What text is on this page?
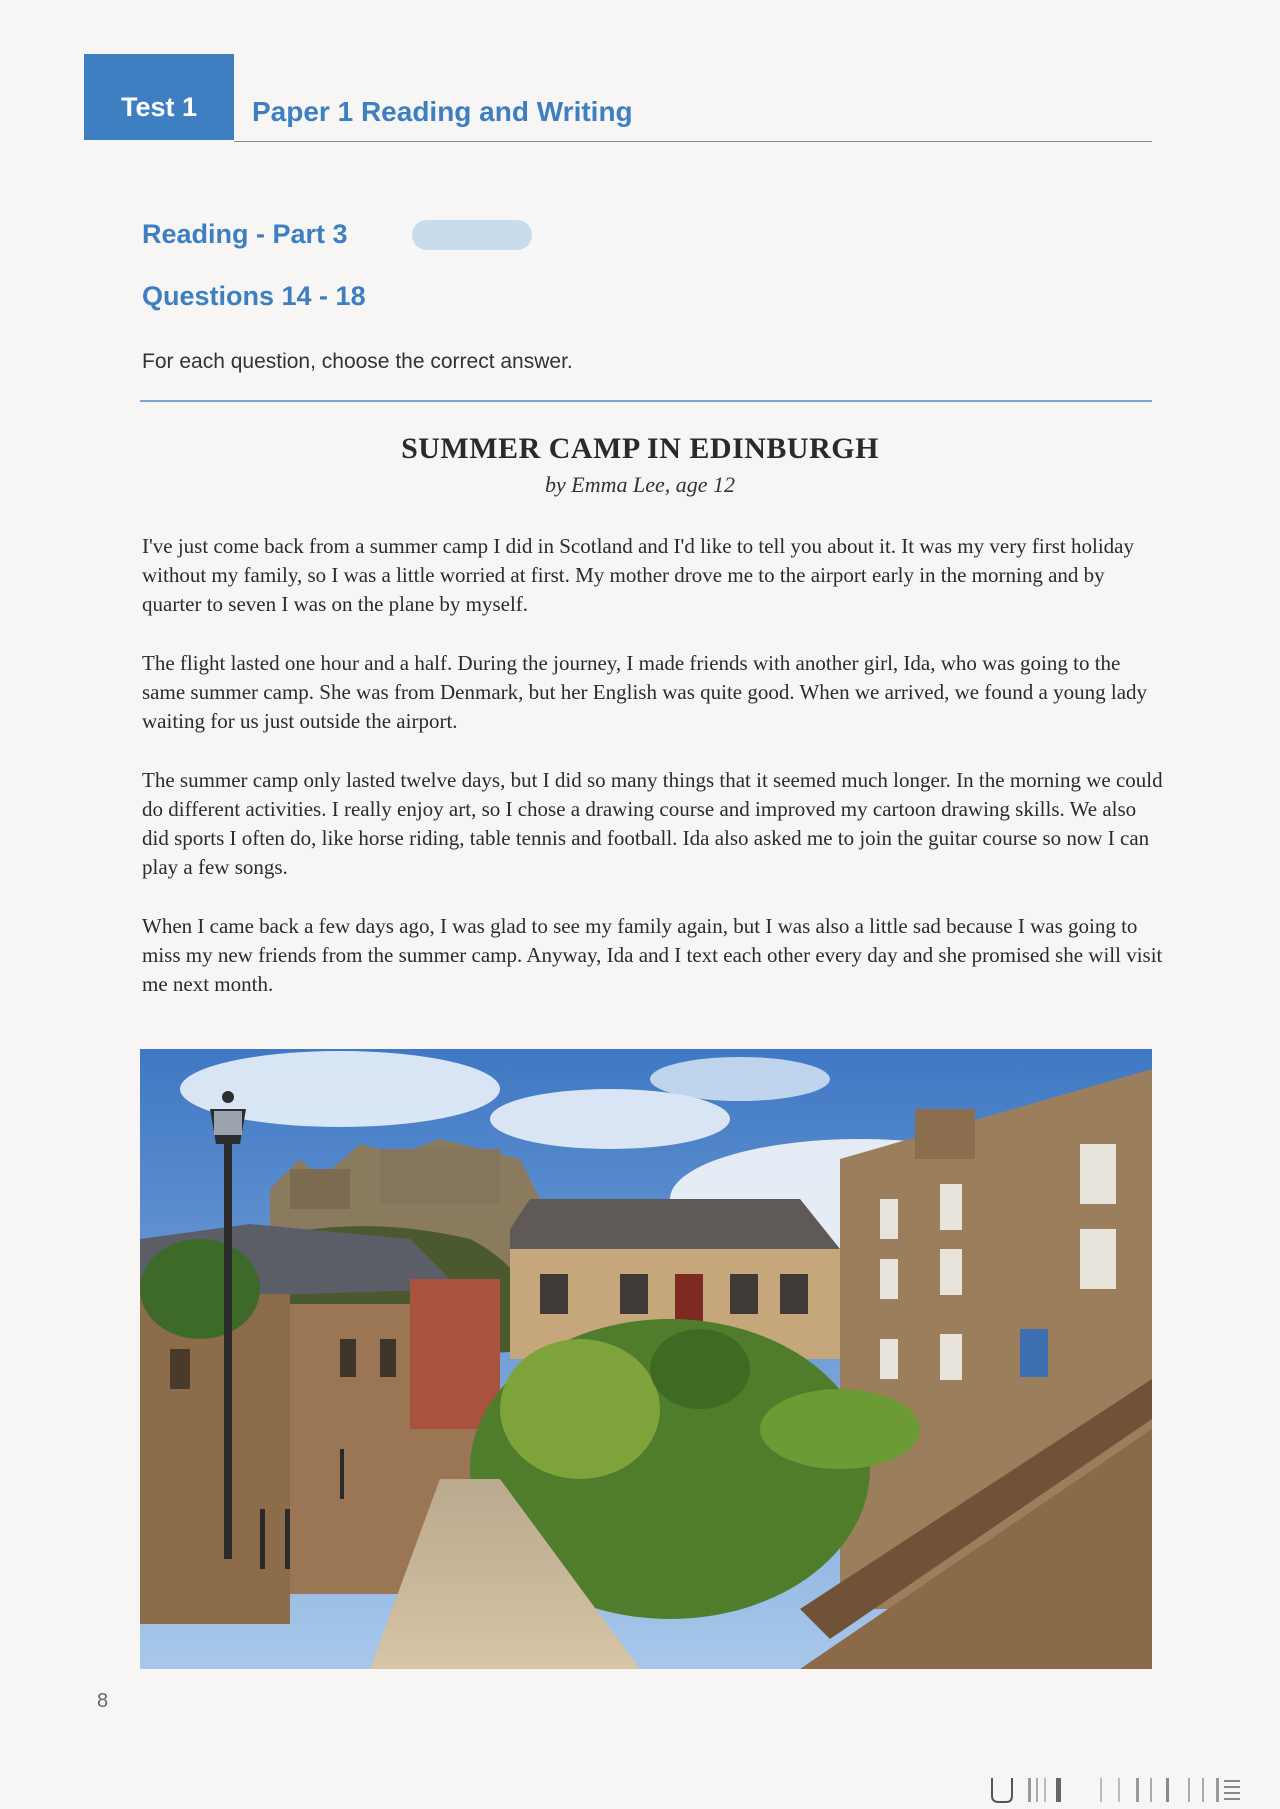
Test 1 Paper 1 Reading and Writing
Reading - Part 3
Questions 14 - 18
For each question, choose the correct answer.
SUMMER CAMP IN EDINBURGH
by Emma Lee, age 12

I've just come back from a summer camp I did in Scotland and I'd like to tell you about it. It was my very first holiday without my family, so I was a little worried at first. My mother drove me to the airport early in the morning and by quarter to seven I was on the plane by myself.

The flight lasted one hour and a half. During the journey, I made friends with another girl, Ida, who was going to the same summer camp. She was from Denmark, but her English was quite good. When we arrived, we found a young lady waiting for us just outside the airport.

The summer camp only lasted twelve days, but I did so many things that it seemed much longer. In the morning we could do different activities. I really enjoy art, so I chose a drawing course and improved my cartoon drawing skills. We also did sports I often do, like horse riding, table tennis and football. Ida also asked me to join the guitar course so now I can play a few songs.

When I came back a few days ago, I was glad to see my family again, but I was also a little sad because I was going to miss my new friends from the summer camp. Anyway, Ida and I text each other every day and she promised she will visit me next month.

8
